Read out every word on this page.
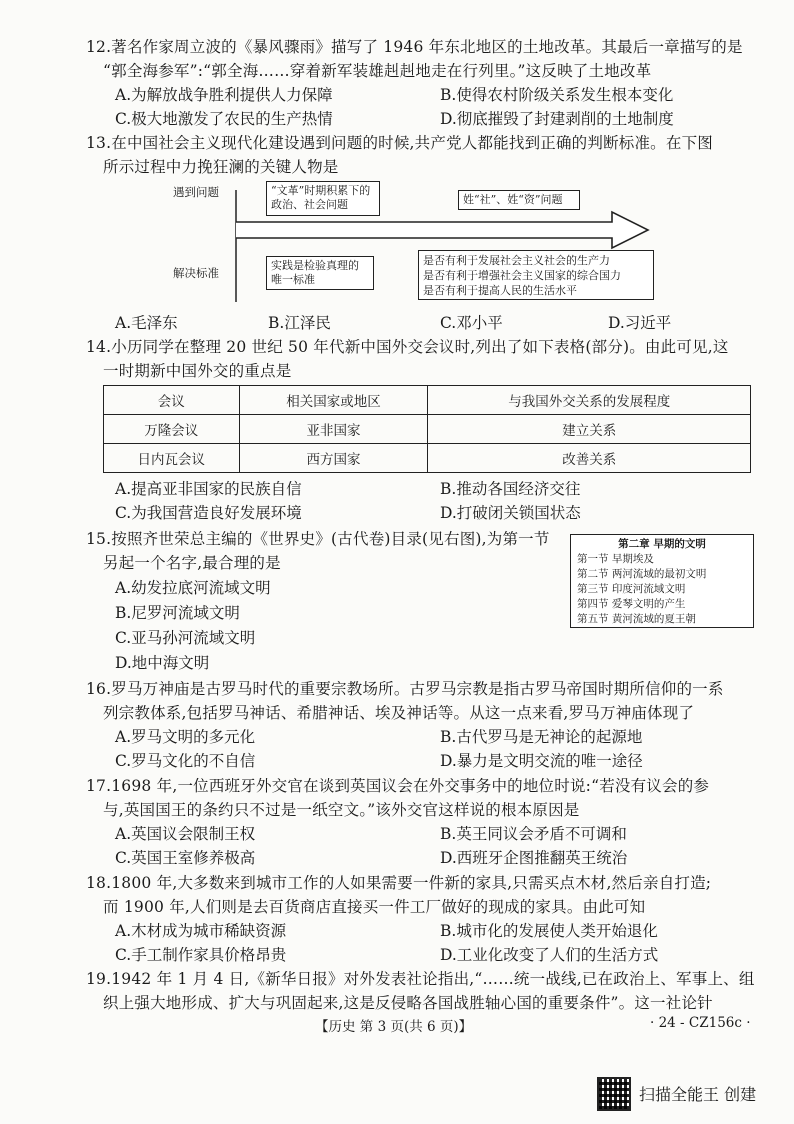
12.著名作家周立波的《暴风骤雨》描写了 1946 年东北地区的土地改革。其最后一章描写的是
“郭全海参军”:“郭全海……穿着新军装雄赳赳地走在行列里。”这反映了土地改革
A.为解放战争胜利提供人力保障	B.使得农村阶级关系发生根本变化
C.极大地激发了农民的生产热情	D.彻底摧毁了封建剥削的土地制度
13.在中国社会主义现代化建设遇到问题的时候,共产党人都能找到正确的判断标准。在下图
所示过程中力挽狂澜的关键人物是
遇到问题
解决标准
“文革”时期积累下的政治、社会问题	姓“社”、姓“资”问题
实践是检验真理的唯一标准
是否有利于发展社会主义社会的生产力
是否有利于增强社会主义国家的综合国力
是否有利于提高人民的生活水平
A.毛泽东	B.江泽民	C.邓小平	D.习近平
14.小历同学在整理 20 世纪 50 年代新中国外交会议时,列出了如下表格(部分)。由此可见,这
一时期新中国外交的重点是
会议	相关国家或地区	与我国外交关系的发展程度
万隆会议	亚非国家	建立关系
日内瓦会议	西方国家	改善关系
A.提高亚非国家的民族自信	B.推动各国经济交往
C.为我国营造良好发展环境	D.打破闭关锁国状态
15.按照齐世荣总主编的《世界史》(古代卷)目录(见右图),为第一节
另起一个名字,最合理的是
A.幼发拉底河流域文明
B.尼罗河流域文明
C.亚马孙河流域文明
D.地中海文明
第二章 早期的文明
第一节 早期埃及
第二节 两河流域的最初文明
第三节 印度河流域文明
第四节 爱琴文明的产生
第五节 黄河流域的夏王朝
16.罗马万神庙是古罗马时代的重要宗教场所。古罗马宗教是指古罗马帝国时期所信仰的一系
列宗教体系,包括罗马神话、希腊神话、埃及神话等。从这一点来看,罗马万神庙体现了
A.罗马文明的多元化	B.古代罗马是无神论的起源地
C.罗马文化的不自信	D.暴力是文明交流的唯一途径
17.1698 年,一位西班牙外交官在谈到英国议会在外交事务中的地位时说:“若没有议会的参
与,英国国王的条约只不过是一纸空文。”该外交官这样说的根本原因是
A.英国议会限制王权	B.英王同议会矛盾不可调和
C.英国王室修养极高	D.西班牙企图推翻英王统治
18.1800 年,大多数来到城市工作的人如果需要一件新的家具,只需买点木材,然后亲自打造;
而 1900 年,人们则是去百货商店直接买一件工厂做好的现成的家具。由此可知
A.木材成为城市稀缺资源	B.城市化的发展使人类开始退化
C.手工制作家具价格昂贵	D.工业化改变了人们的生活方式
19.1942 年 1 月 4 日,《新华日报》对外发表社论指出,“……统一战线,已在政治上、军事上、组
织上强大地形成、扩大与巩固起来,这是反侵略各国战胜轴心国的重要条件”。这一社论针
【历史 第 3 页(共 6 页)】	· 24 - CZ156c ·
扫描全能王 创建
